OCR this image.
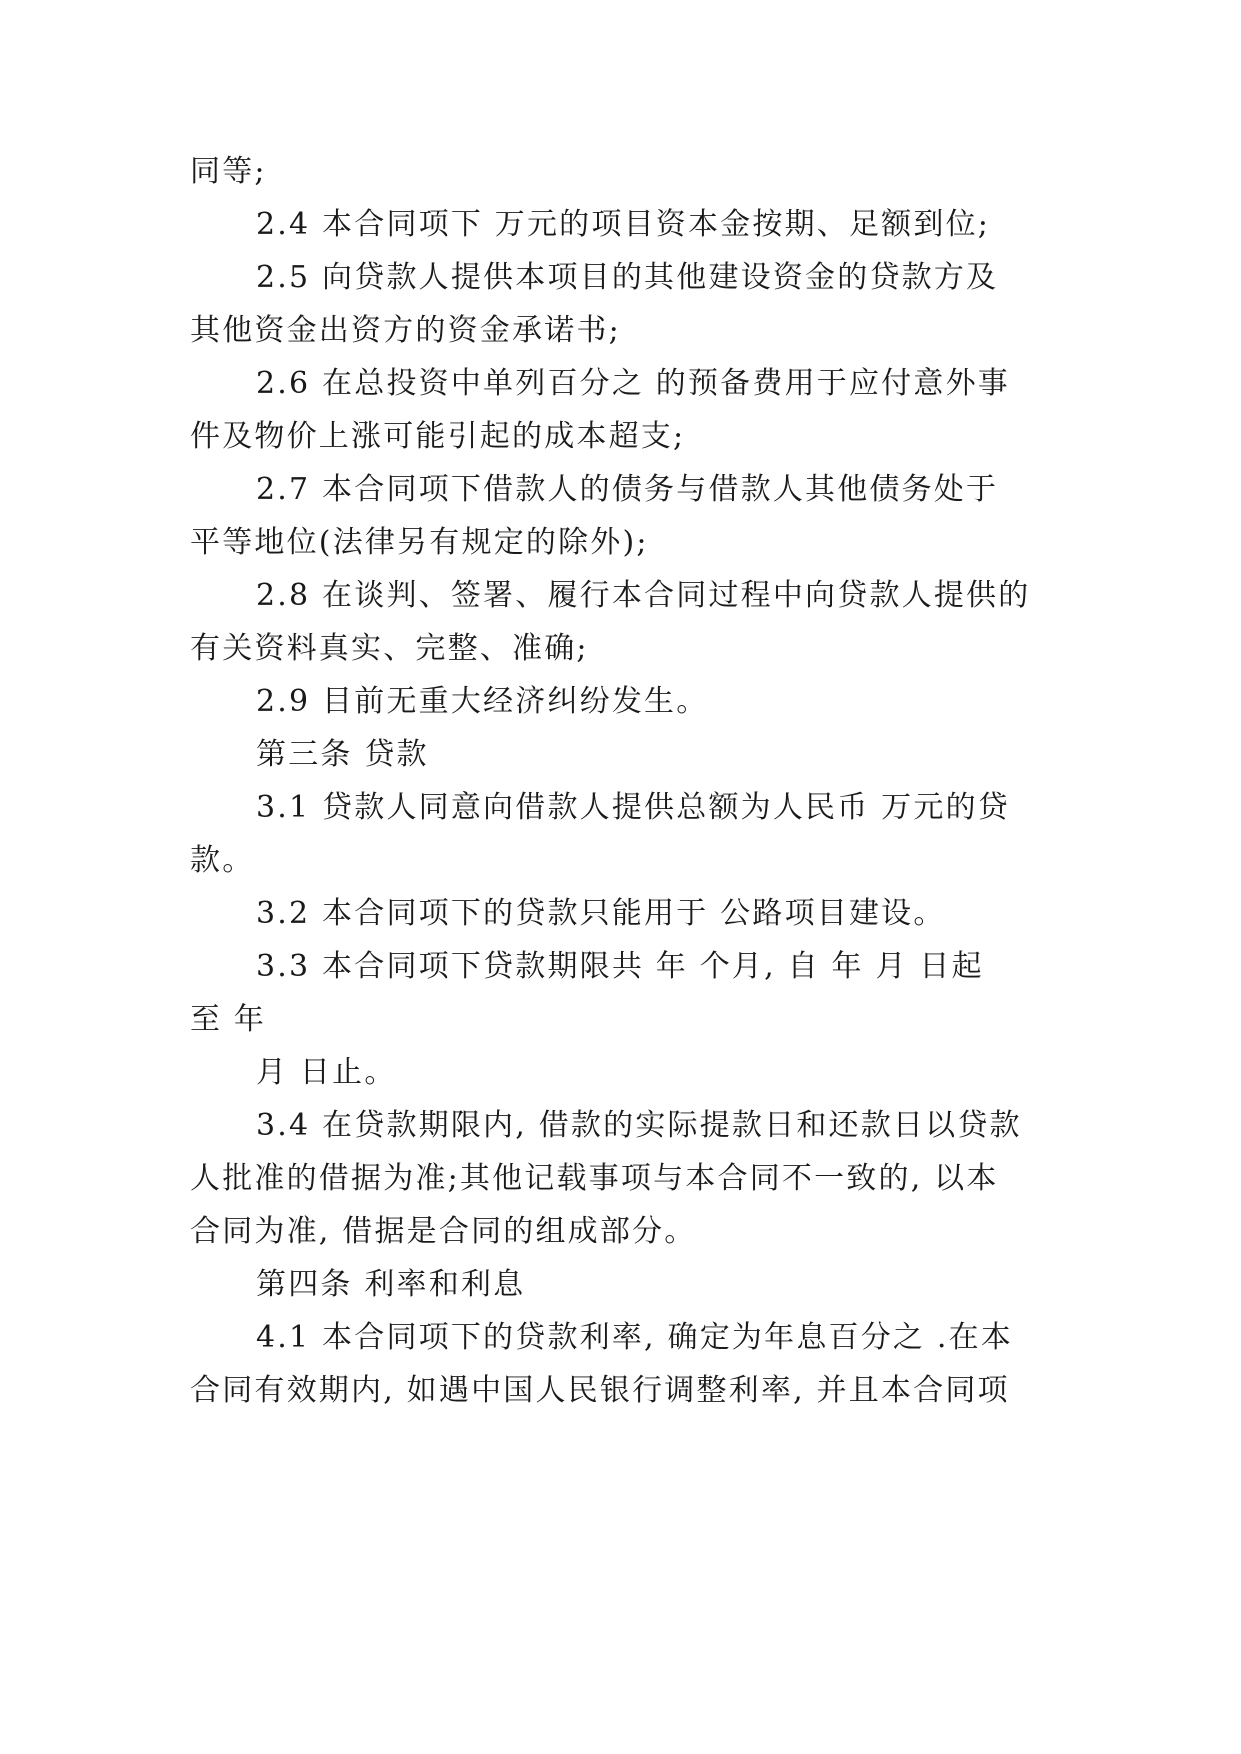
同等;
2.4 本合同项下 万元的项目资本金按期、足额到位;
2.5 向贷款人提供本项目的其他建设资金的贷款方及
其他资金出资方的资金承诺书;
2.6 在总投资中单列百分之 的预备费用于应付意外事
件及物价上涨可能引起的成本超支;
2.7 本合同项下借款人的债务与借款人其他债务处于
平等地位(法律另有规定的除外);
2.8 在谈判、签署、履行本合同过程中向贷款人提供的
有关资料真实、完整、准确;
2.9 目前无重大经济纠纷发生。
第三条 贷款
3.1 贷款人同意向借款人提供总额为人民币 万元的贷
款。
3.2 本合同项下的贷款只能用于 公路项目建设。
3.3 本合同项下贷款期限共 年 个月, 自 年 月 日起
至 年
月 日止。
3.4 在贷款期限内, 借款的实际提款日和还款日以贷款
人批准的借据为准;其他记载事项与本合同不一致的, 以本
合同为准, 借据是合同的组成部分。
第四条 利率和利息
4.1 本合同项下的贷款利率, 确定为年息百分之 .在本
合同有效期内, 如遇中国人民银行调整利率, 并且本合同项
